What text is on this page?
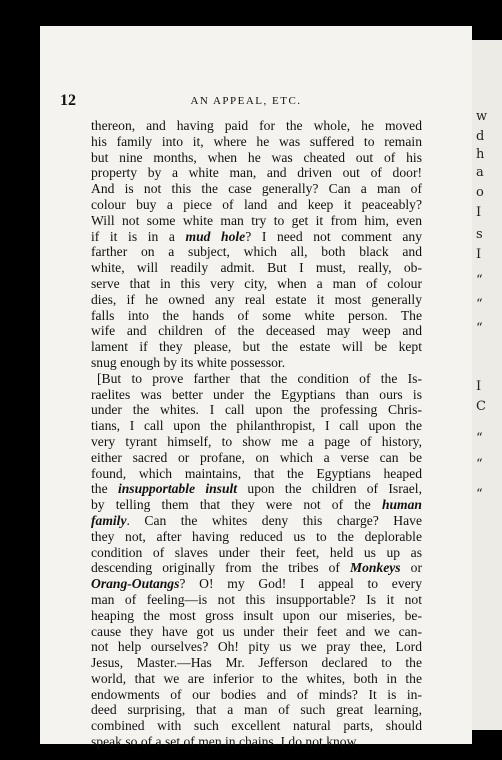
w
d
h
a
o
I
s
I
“
“
“
I
C
“
“
“
12	AN APPEAL, ETC.
thereon, and having paid for the whole, he moved
his family into it, where he was suffered to remain
but nine months, when he was cheated out of his
property by a white man, and driven out of door!
And is not this the case generally? Can a man of
colour buy a piece of land and keep it peaceably?
Will not some white man try to get it from him, even
if it is in a mud hole? I need not comment any
farther on a subject, which all, both black and
white, will readily admit. But I must, really, ob-
serve that in this very city, when a man of colour
dies, if he owned any real estate it most generally
falls into the hands of some white person. The
wife and children of the deceased may weep and
lament if they please, but the estate will be kept
snug enough by its white possessor.
[But to prove farther that the condition of the Is-
raelites was better under the Egyptians than ours is
under the whites. I call upon the professing Chris-
tians, I call upon the philanthropist, I call upon the
very tyrant himself, to show me a page of history,
either sacred or profane, on which a verse can be
found, which maintains, that the Egyptians heaped
the insupportable insult upon the children of Israel,
by telling them that they were not of the human
family. Can the whites deny this charge? Have
they not, after having reduced us to the deplorable
condition of slaves under their feet, held us up as
descending originally from the tribes of Monkeys or
Orang-Outangs? O! my God! I appeal to every
man of feeling—is not this insupportable? Is it not
heaping the most gross insult upon our miseries, be-
cause they have got us under their feet and we can-
not help ourselves? Oh! pity us we pray thee, Lord
Jesus, Master.—Has Mr. Jefferson declared to the
world, that we are inferior to the whites, both in the
endowments of our bodies and of minds? It is in-
deed surprising, that a man of such great learning,
combined with such excellent natural parts, should
speak so of a set of men in chains. I do not know
